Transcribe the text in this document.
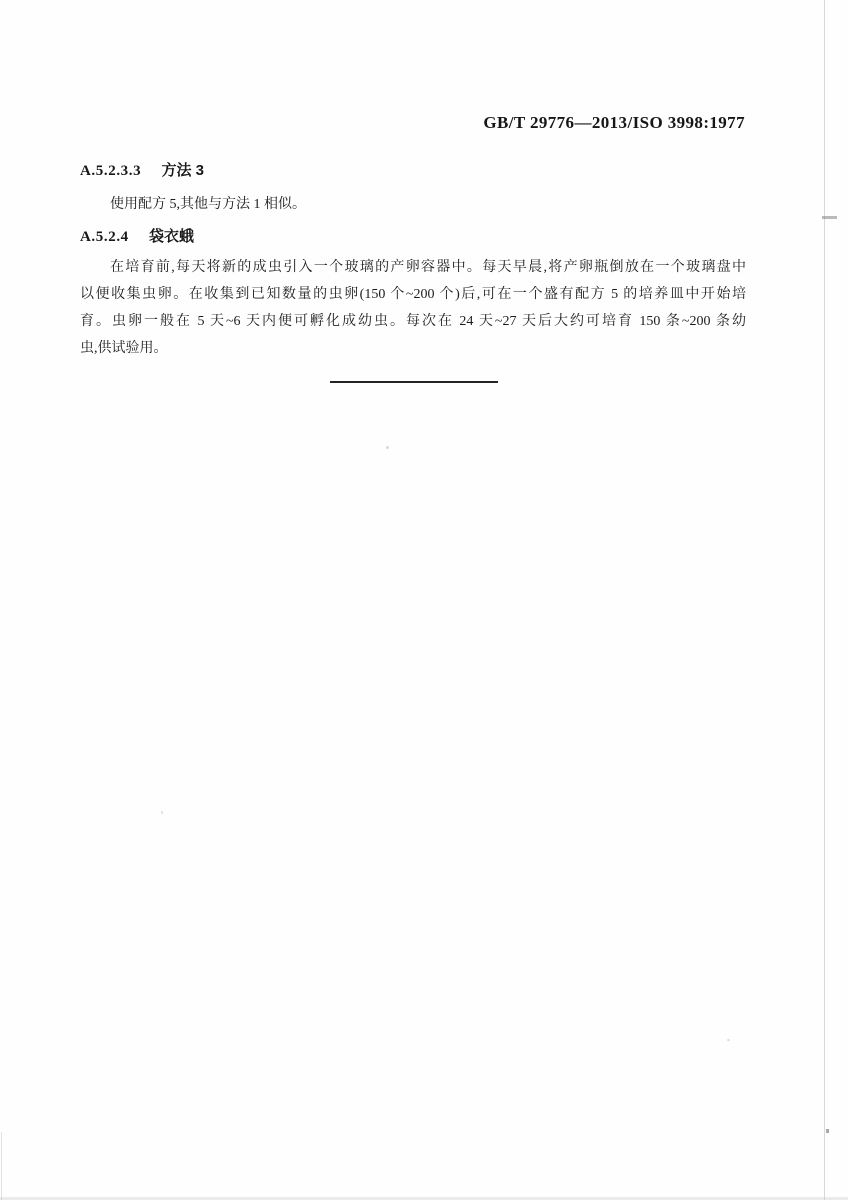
GB/T 29776—2013/ISO 3998:1977
A.5.2.3.3 方法 3
使用配方 5,其他与方法 1 相似。
A.5.2.4 袋衣蛾
在培育前,每天将新的成虫引入一个玻璃的产卵容器中。每天早晨,将产卵瓶倒放在一个玻璃盘中
以便收集虫卵。在收集到已知数量的虫卵(150 个~200 个)后,可在一个盛有配方 5 的培养皿中开始培
育。虫卵一般在 5 天~6 天内便可孵化成幼虫。每次在 24 天~27 天后大约可培育 150 条~200 条幼
虫,供试验用。
